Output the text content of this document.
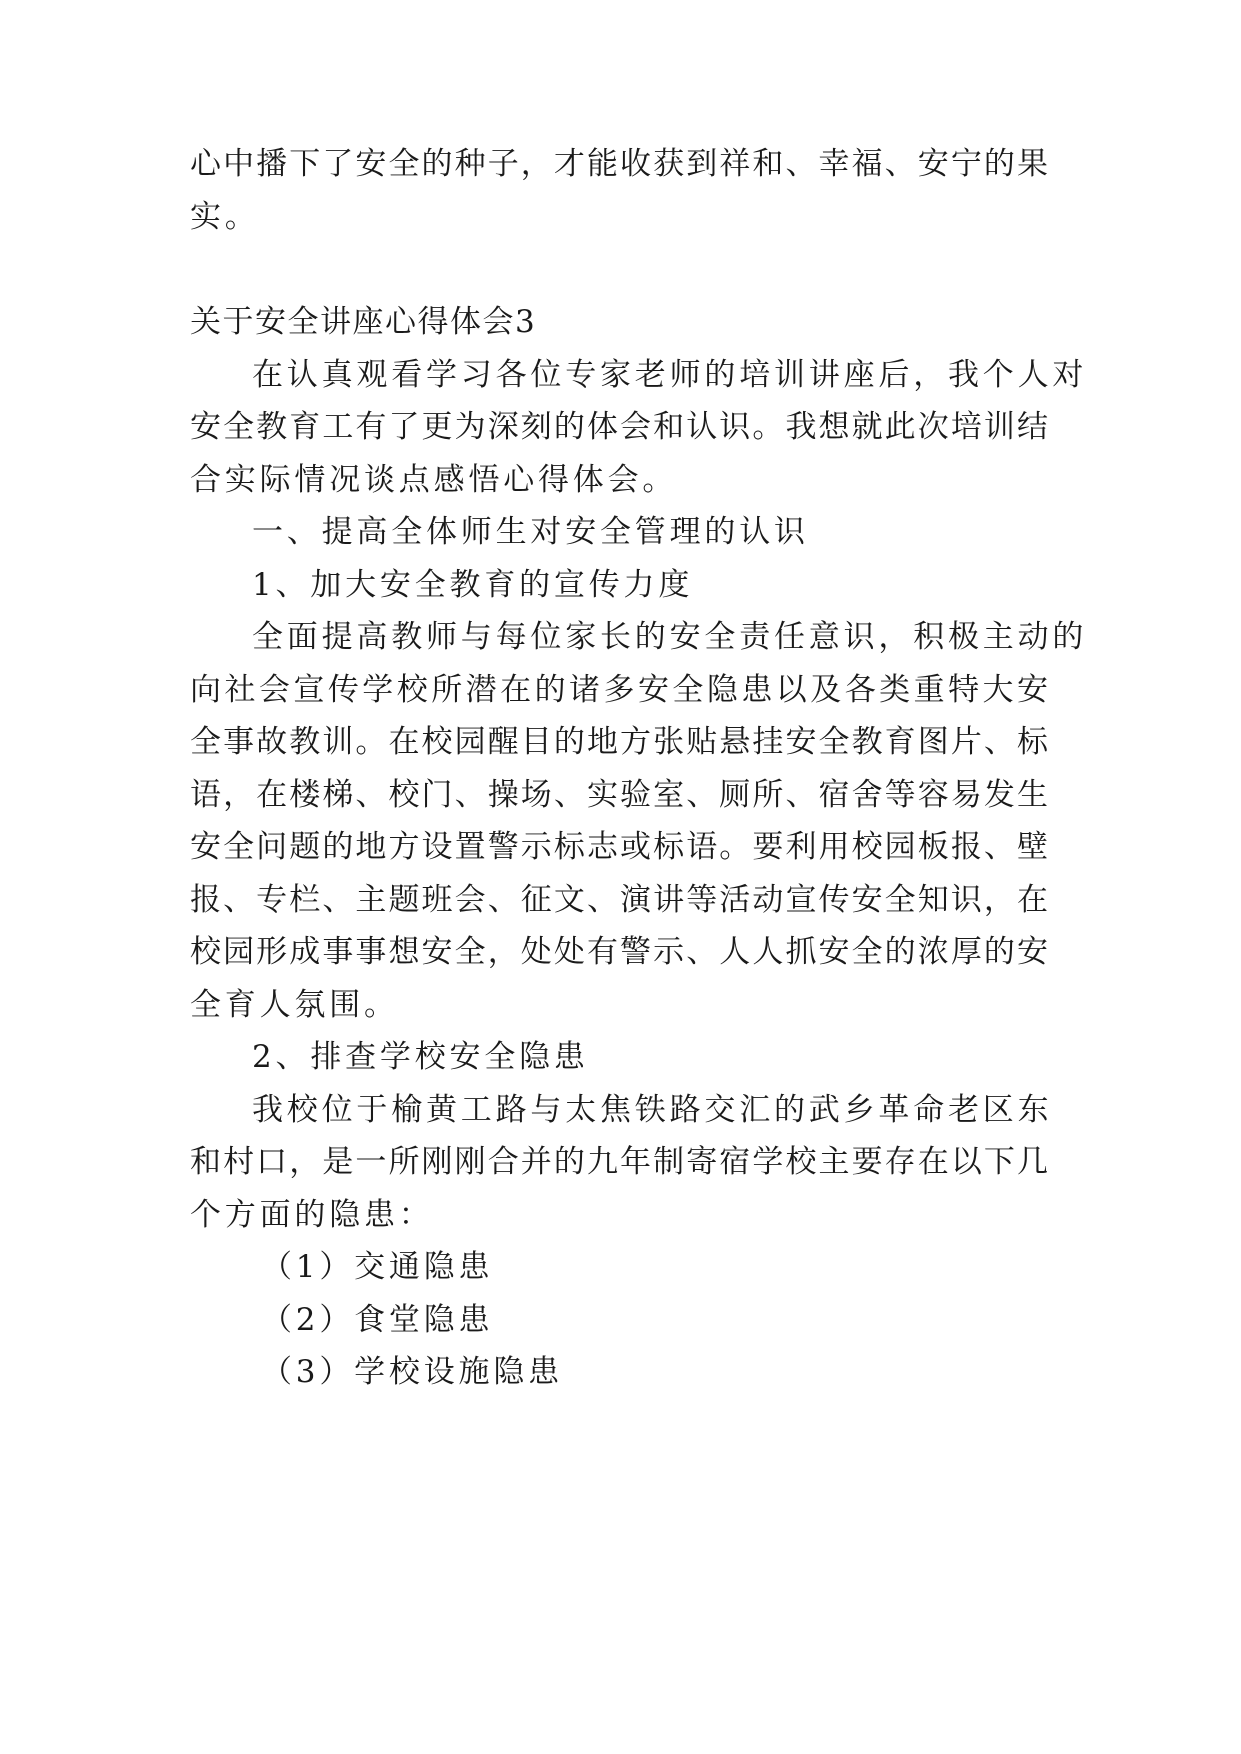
心中播下了安全的种子，才能收获到祥和、幸福、安宁的果
实。
关于安全讲座心得体会3
在认真观看学习各位专家老师的培训讲座后，我个人对
安全教育工有了更为深刻的体会和认识。我想就此次培训结
合实际情况谈点感悟心得体会。
一、提高全体师生对安全管理的认识
1、加大安全教育的宣传力度
全面提高教师与每位家长的安全责任意识，积极主动的
向社会宣传学校所潜在的诸多安全隐患以及各类重特大安
全事故教训。在校园醒目的地方张贴悬挂安全教育图片、标
语，在楼梯、校门、操场、实验室、厕所、宿舍等容易发生
安全问题的地方设置警示标志或标语。要利用校园板报、壁
报、专栏、主题班会、征文、演讲等活动宣传安全知识，在
校园形成事事想安全，处处有警示、人人抓安全的浓厚的安
全育人氛围。
2、排查学校安全隐患
我校位于榆黄工路与太焦铁路交汇的武乡革命老区东
和村口，是一所刚刚合并的九年制寄宿学校主要存在以下几
个方面的隐患：
（1）交通隐患
（2）食堂隐患
（3）学校设施隐患
